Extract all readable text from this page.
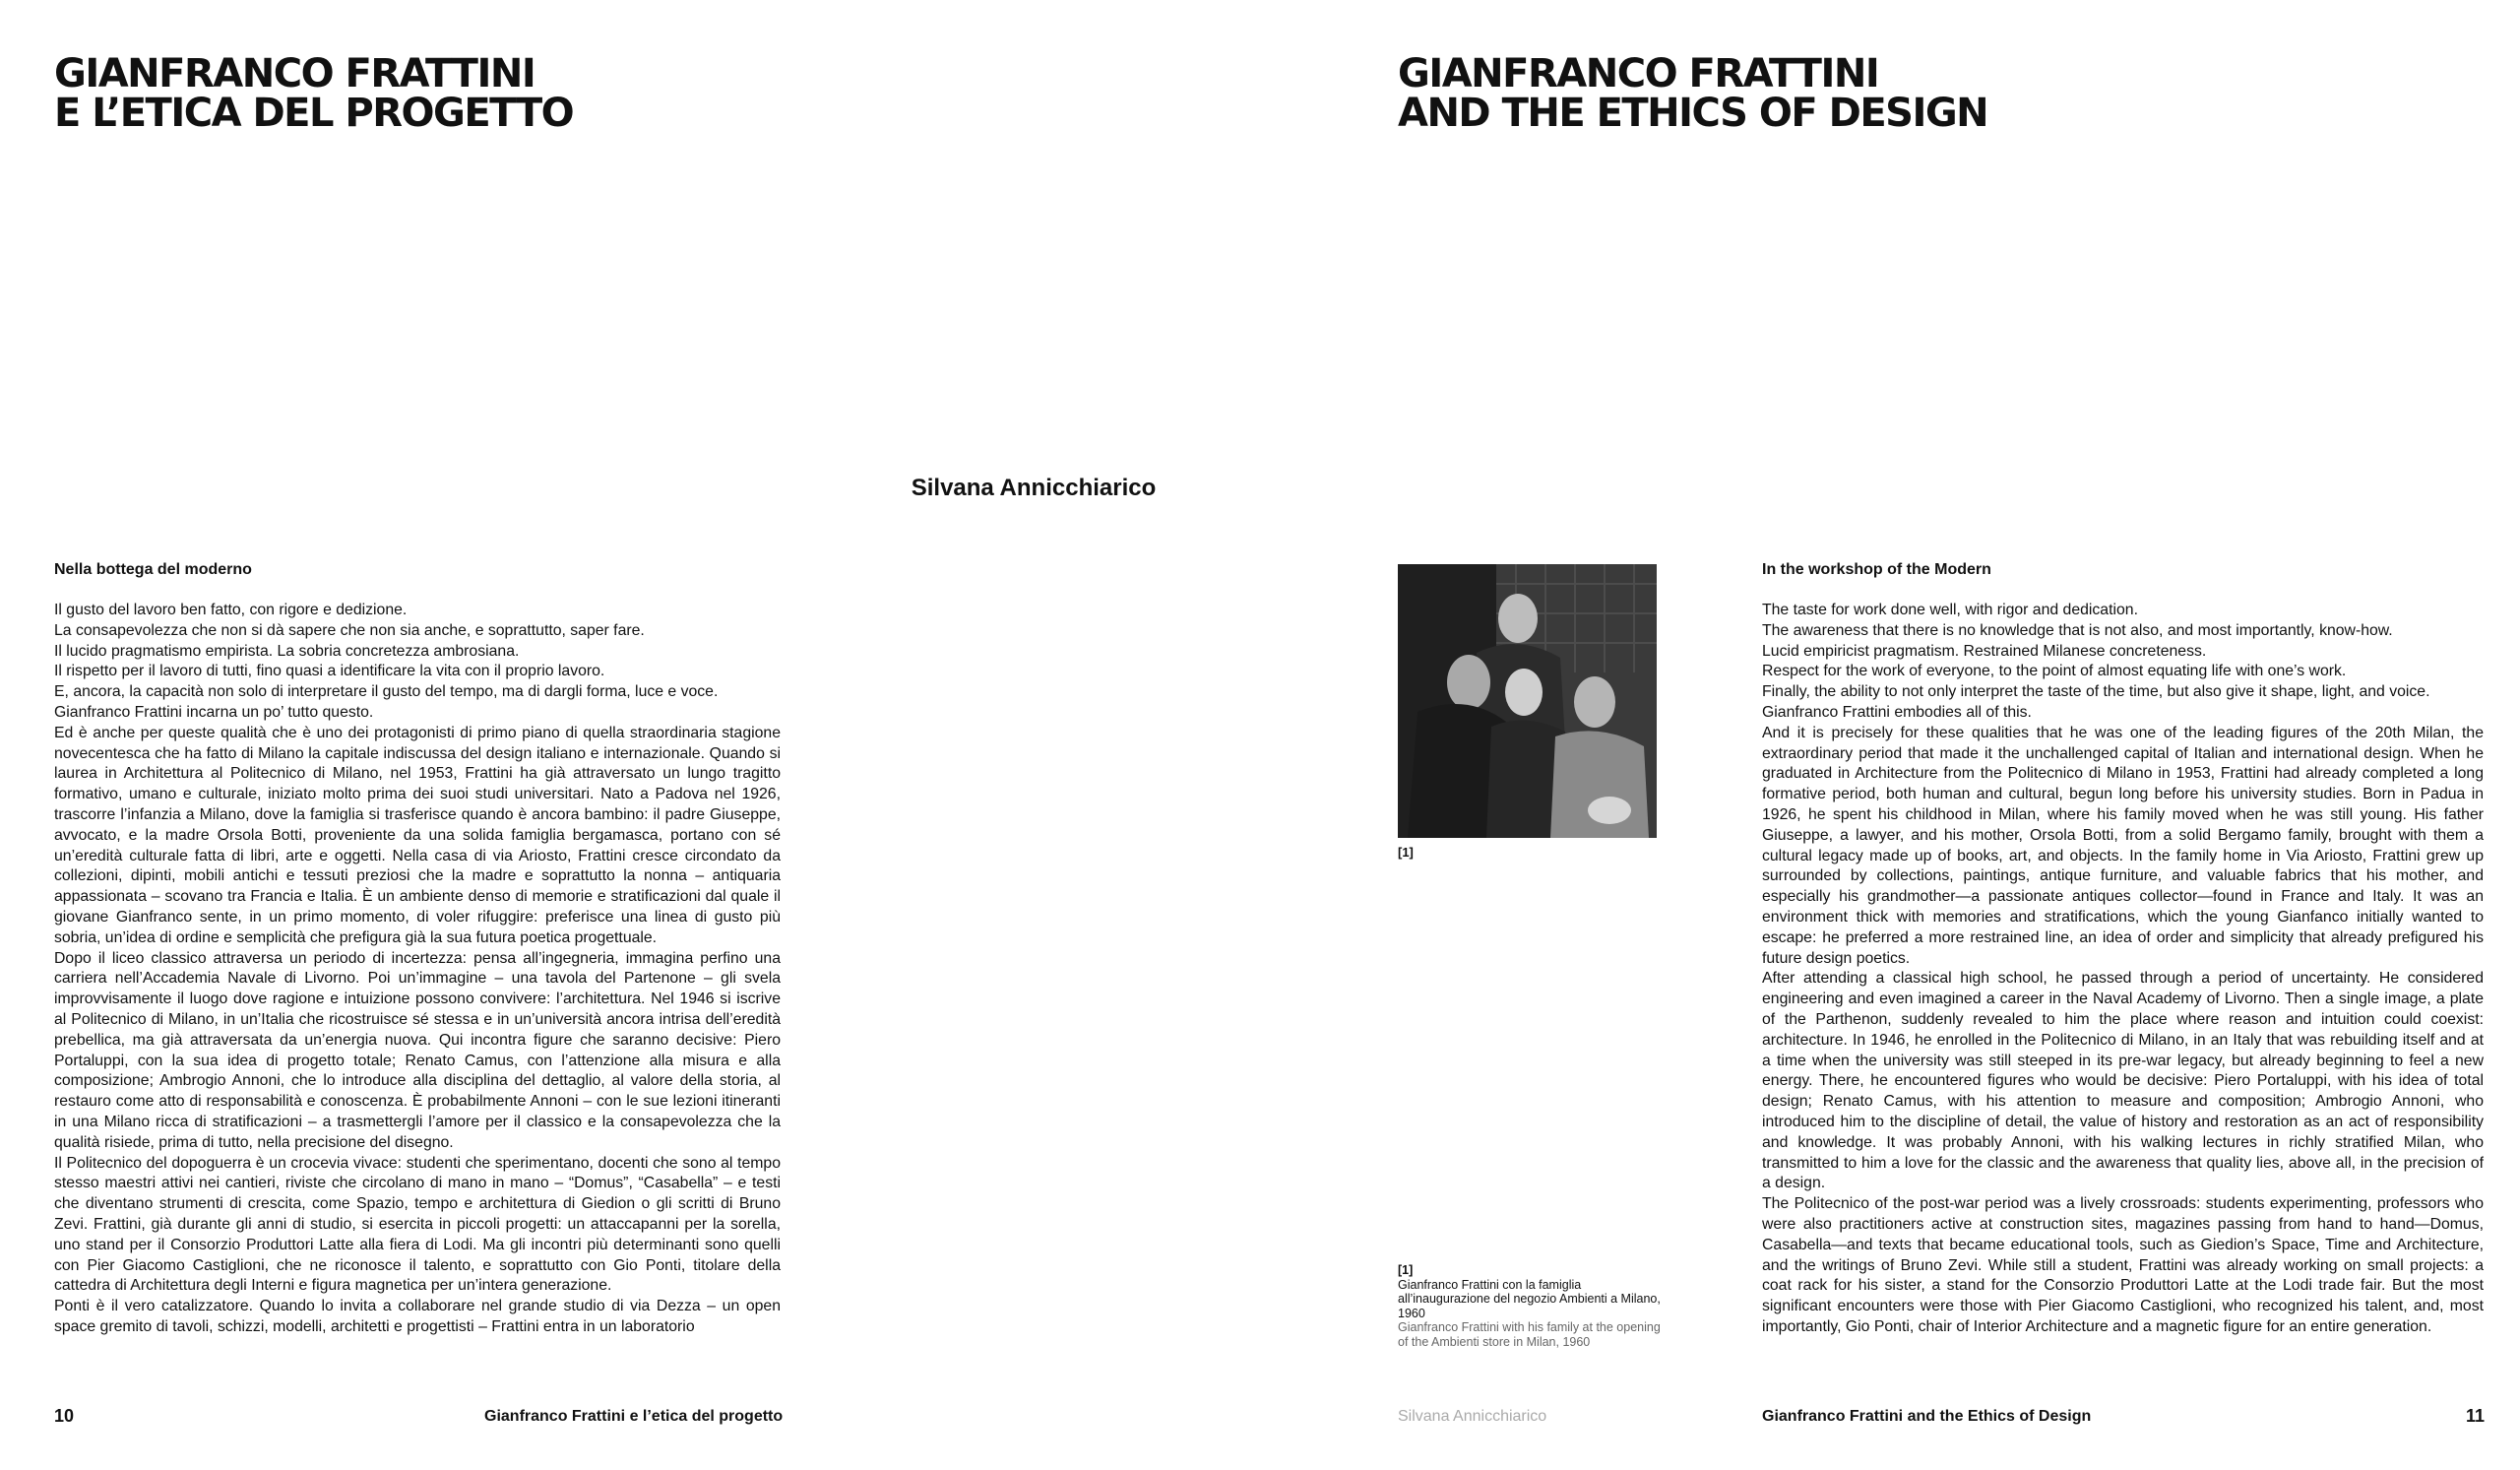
GIANFRANCO FRATTINI
E L’ETICA DEL PROGETTO

Silvana Annicchiarico

Nella bottega del moderno

Il gusto del lavoro ben fatto, con rigore e dedizione.

La consapevolezza che non si dà sapere che non sia anche, e soprattutto, saper fare.

Il lucido pragmatismo empirista. La sobria concretezza ambrosiana.

Il rispetto per il lavoro di tutti, fino quasi a identificare la vita con il proprio lavoro.

E, ancora, la capacità non solo di interpretare il gusto del tempo, ma di dargli forma, luce e voce.

Gianfranco Frattini incarna un po’ tutto questo.

Ed è anche per queste qualità che è uno dei protagonisti di primo piano di quella straordinaria stagione novecentesca che ha fatto di Milano la capitale indiscussa del design italiano e internazionale. Quando si laurea in Architettura al Politecnico di Milano, nel 1953, Frattini ha già attraversato un lungo tragitto formativo, umano e culturale, iniziato molto prima dei suoi studi universitari. Nato a Padova nel 1926, trascorre l’infanzia a Milano, dove la famiglia si trasferisce quando è ancora bambino: il padre Giuseppe, avvocato, e la madre Orsola Botti, proveniente da una solida famiglia bergamasca, portano con sé un’eredità culturale fatta di libri, arte e oggetti. Nella casa di via Ariosto, Frattini cresce circondato da collezioni, dipinti, mobili antichi e tessuti preziosi che la madre e soprattutto la nonna – antiquaria appassionata – scovano tra Francia e Italia. È un ambiente denso di memorie e stratificazioni dal quale il giovane Gianfranco sente, in un primo momento, di voler rifuggire: preferisce una linea di gusto più sobria, un’idea di ordine e semplicità che prefigura già la sua futura poetica progettuale.

Dopo il liceo classico attraversa un periodo di incertezza: pensa all’ingegneria, immagina perfino una carriera nell’Accademia Navale di Livorno. Poi un’immagine – una tavola del Partenone – gli svela improvvisamente il luogo dove ragione e intuizione possono convivere: l’architettura. Nel 1946 si iscrive al Politecnico di Milano, in un’Italia che ricostruisce sé stessa e in un’università ancora intrisa dell’eredità prebellica, ma già attraversata da un’energia nuova. Qui incontra figure che saranno decisive: Piero Portaluppi, con la sua idea di progetto totale; Renato Camus, con l’attenzione alla misura e alla composizione; Ambrogio Annoni, che lo introduce alla disciplina del dettaglio, al valore della storia, al restauro come atto di responsabilità e conoscenza. È probabilmente Annoni – con le sue lezioni itineranti in una Milano ricca di stratificazioni – a trasmettergli l’amore per il classico e la consapevolezza che la qualità risiede, prima di tutto, nella precisione del disegno.

Il Politecnico del dopoguerra è un crocevia vivace: studenti che sperimentano, docenti che sono al tempo stesso maestri attivi nei cantieri, riviste che circolano di mano in mano – “Domus”, “Casabella” – e testi che diventano strumenti di crescita, come Spazio, tempo e architettura di Giedion o gli scritti di Bruno Zevi. Frattini, già durante gli anni di studio, si esercita in piccoli progetti: un attaccapanni per la sorella, uno stand per il Consorzio Produttori Latte alla fiera di Lodi. Ma gli incontri più determinanti sono quelli con Pier Giacomo Castiglioni, che ne riconosce il talento, e soprattutto con Gio Ponti, titolare della cattedra di Architettura degli Interni e figura magnetica per un’intera generazione.

Ponti è il vero catalizzatore. Quando lo invita a collaborare nel grande studio di via Dezza – un open space gremito di tavoli, schizzi, modelli, architetti e progettisti – Frattini entra in un laboratorio

10	Gianfranco Frattini e l’etica del progetto

GIANFRANCO FRATTINI
AND THE ETHICS OF DESIGN

[1]

[1]
Gianfranco Frattini con la famiglia all’inaugurazione del negozio Ambienti a Milano, 1960
Gianfranco Frattini with his family at the opening of the Ambienti store in Milan, 1960
In the workshop of the Modern

The taste for work done well, with rigor and dedication.

The awareness that there is no knowledge that is not also, and most importantly, know-how.

Lucid empiricist pragmatism. Restrained Milanese concreteness.

Respect for the work of everyone, to the point of almost equating life with one’s work.

Finally, the ability to not only interpret the taste of the time, but also give it shape, light, and voice.

Gianfranco Frattini embodies all of this.

And it is precisely for these qualities that he was one of the leading figures of the 20th Milan, the extraordinary period that made it the unchallenged capital of Italian and international design. When he graduated in Architecture from the Politecnico di Milano in 1953, Frattini had already completed a long formative period, both human and cultural, begun long before his university studies. Born in Padua in 1926, he spent his childhood in Milan, where his family moved when he was still young. His father Giuseppe, a lawyer, and his mother, Orsola Botti, from a solid Bergamo family, brought with them a cultural legacy made up of books, art, and objects. In the family home in Via Ariosto, Frattini grew up surrounded by collections, paintings, antique furniture, and valuable fabrics that his mother, and especially his grandmother—a passionate antiques collector—found in France and Italy. It was an environment thick with memories and stratifications, which the young Gianfanco initially wanted to escape: he preferred a more restrained line, an idea of order and simplicity that already prefigured his future design poetics.

After attending a classical high school, he passed through a period of uncertainty. He considered engineering and even imagined a career in the Naval Academy of Livorno. Then a single image, a plate of the Parthenon, suddenly revealed to him the place where reason and intuition could coexist: architecture. In 1946, he enrolled in the Politecnico di Milano, in an Italy that was rebuilding itself and at a time when the university was still steeped in its pre-war legacy, but already beginning to feel a new energy. There, he encountered figures who would be decisive: Piero Portaluppi, with his idea of total design; Renato Camus, with his attention to measure and composition; Ambrogio Annoni, who introduced him to the discipline of detail, the value of history and restoration as an act of responsibility and knowledge. It was probably Annoni, with his walking lectures in richly stratified Milan, who transmitted to him a love for the classic and the awareness that quality lies, above all, in the precision of a design.

The Politecnico of the post-war period was a lively crossroads: students experimenting, professors who were also practitioners active at construction sites, magazines passing from hand to hand—Domus, Casabella—and texts that became educational tools, such as Giedion’s Space, Time and Architecture, and the writings of Bruno Zevi. While still a student, Frattini was already working on small projects: a coat rack for his sister, a stand for the Consorzio Produttori Latte at the Lodi trade fair. But the most significant encounters were those with Pier Giacomo Castiglioni, who recognized his talent, and, most importantly, Gio Ponti, chair of Interior Architecture and a magnetic figure for an entire generation.

Silvana Annicchiarico	Gianfranco Frattini and the Ethics of Design	11
